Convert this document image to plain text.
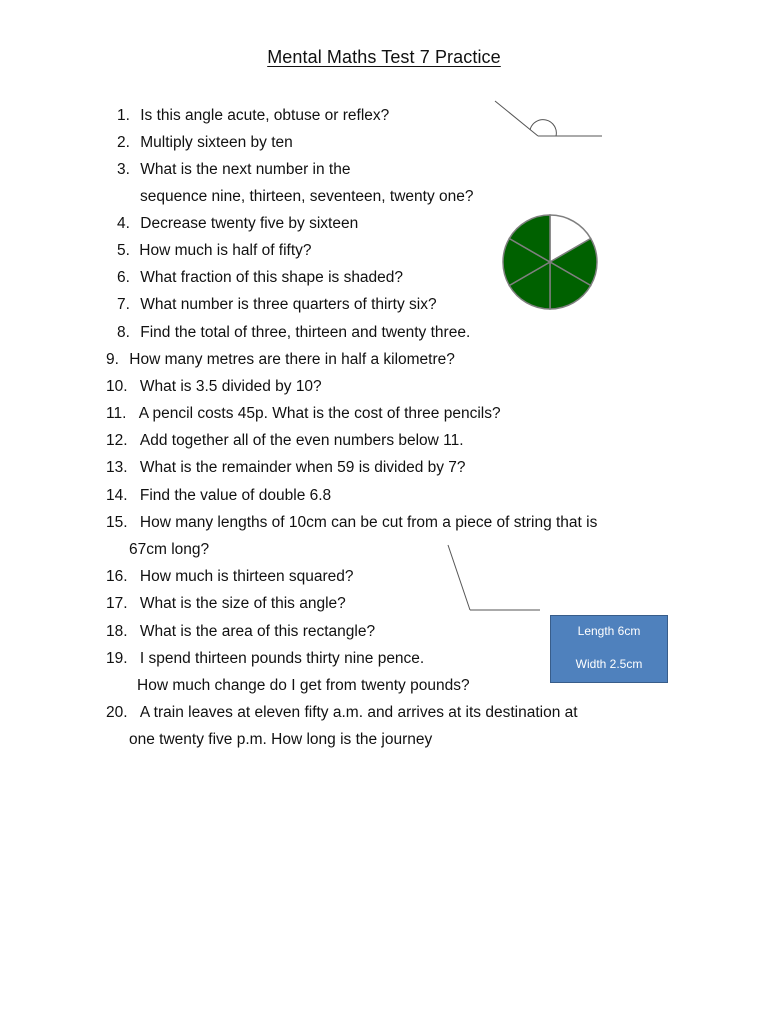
Mental Maths Test 7 Practice
1. Is this angle acute, obtuse or reflex?
2. Multiply sixteen by ten
3. What is the next number in the
sequence nine, thirteen, seventeen, twenty one?
4. Decrease twenty five by sixteen
5. How much is half of fifty?
6. What fraction of this shape is shaded?
7. What number is three quarters of thirty six?
8. Find the total of three, thirteen and twenty three.
9. How many metres are there in half a kilometre?
10. What is 3.5 divided by 10?
11. A pencil costs 45p. What is the cost of three pencils?
12. Add together all of the even numbers below 11.
13. What is the remainder when 59 is divided by 7?
14. Find the value of double 6.8
15. How many lengths of 10cm can be cut from a piece of string that is
67cm long?
16. How much is thirteen squared?
17. What is the size of this angle?
18. What is the area of this rectangle?
19. I spend thirteen pounds thirty nine pence.
How much change do I get from twenty pounds?
20. A train leaves at eleven fifty a.m. and arrives at its destination at
one twenty five p.m. How long is the journey
Length 6cm
Width 2.5cm
